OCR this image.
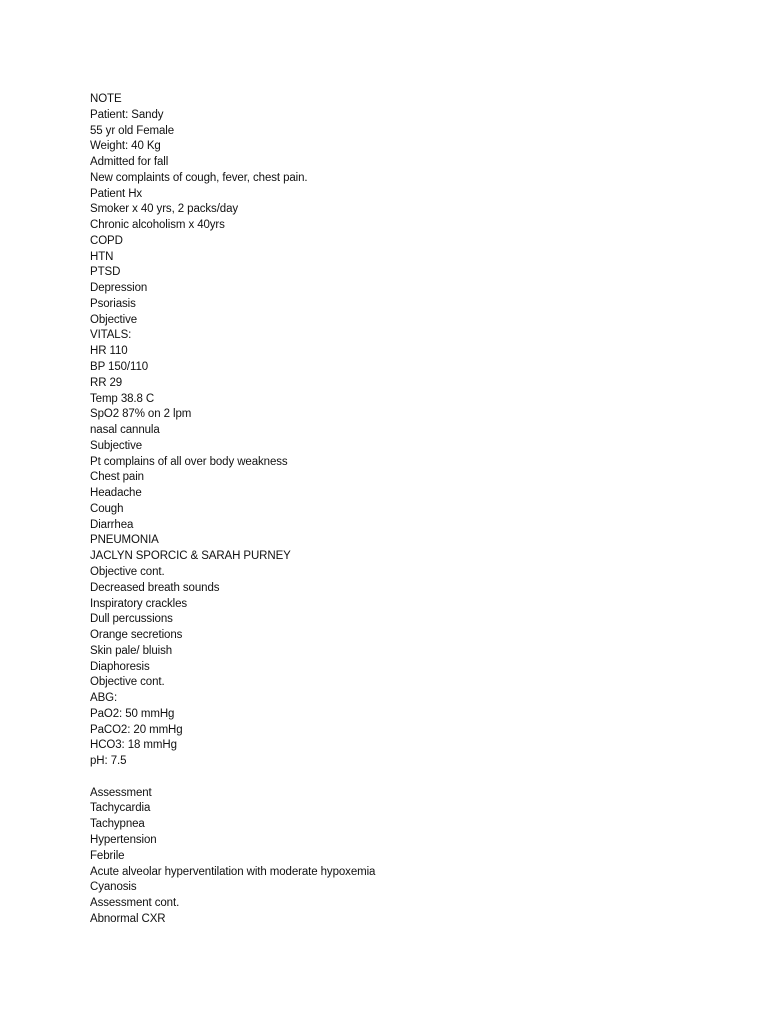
NOTE
Patient: Sandy
55 yr old Female
Weight: 40 Kg
Admitted for fall
New complaints of cough, fever, chest pain.
Patient Hx
Smoker x 40 yrs, 2 packs/day
Chronic alcoholism x 40yrs
COPD
HTN
PTSD
Depression
Psoriasis
Objective
VITALS:
HR 110
BP 150/110
RR 29
Temp 38.8 C
SpO2 87% on 2 lpm
nasal cannula
Subjective
Pt complains of all over body weakness
Chest pain
Headache
Cough
Diarrhea
PNEUMONIA
JACLYN SPORCIC & SARAH PURNEY
Objective cont.
Decreased breath sounds
Inspiratory crackles
Dull percussions
Orange secretions
Skin pale/ bluish
Diaphoresis
Objective cont.
ABG:
PaO2: 50 mmHg
PaCO2: 20 mmHg
HCO3: 18 mmHg
pH: 7.5
Assessment
Tachycardia
Tachypnea
Hypertension
Febrile
Acute alveolar hyperventilation with moderate hypoxemia
Cyanosis
Assessment cont.
Abnormal CXR
